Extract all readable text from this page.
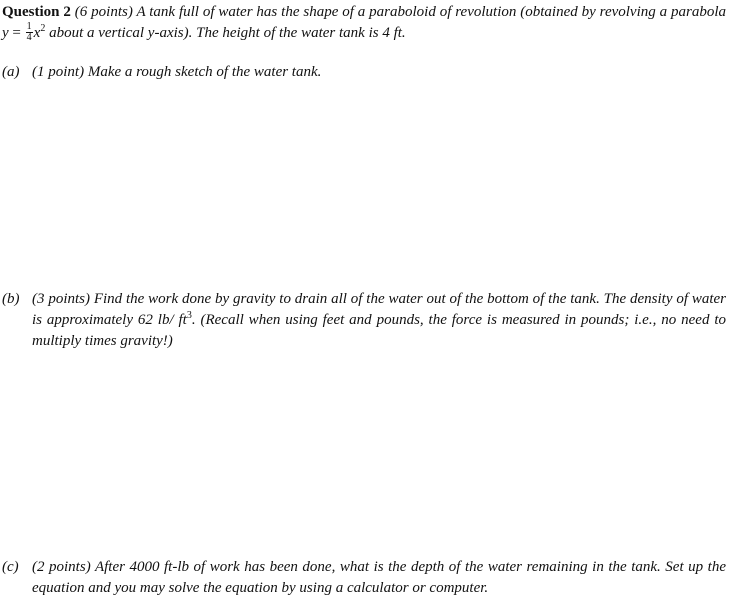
Question 2 (6 points) A tank full of water has the shape of a paraboloid of revolution (obtained by revolving a parabola $y = \frac{1}{4} x^2$ about a vertical y-axis). The height of the water tank is 4 ft.
(a) (1 point) Make a rough sketch of the water tank.
(b) (3 points) Find the work done by gravity to drain all of the water out of the bottom of the tank. The density of water is approximately 62 lb/ $ft^3$. (Recall when using feet and pounds, the force is measured in pounds; i.e., no need to multiply times gravity!)
(c) (2 points) After 4000 ft-lb of work has been done, what is the depth of the water remaining in the tank. Set up the equation and you may solve the equation by using a calculator or computer.
